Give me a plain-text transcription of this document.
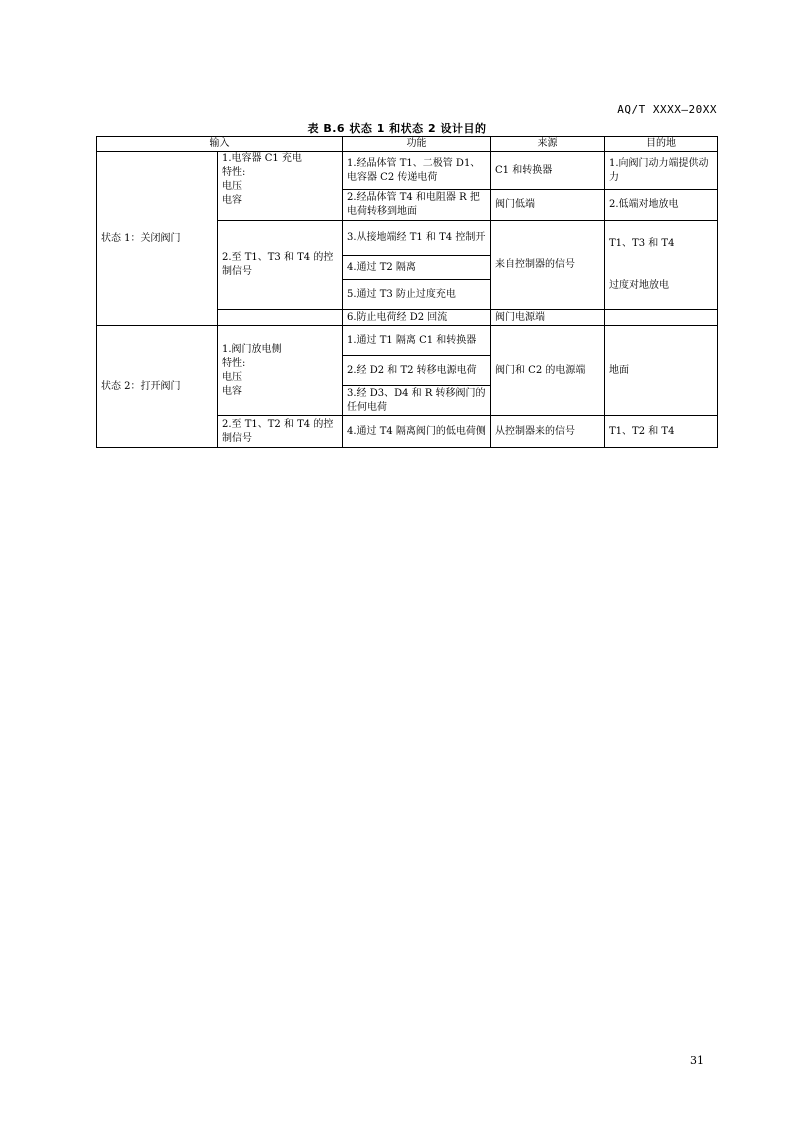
AQ/T XXXX—20XX
表 B.6 状态 1 和状态 2 设计目的
输入		功能	来源	目的地
状态 1：关闭阀门	1.电容器 C1 充电
特性:
电压
电容	1.经晶体管 T1、二极管 D1、电容器 C2 传递电荷	C1 和转换器	1.向阀门动力端提供动力
		2.经晶体管 T4 和电阻器 R 把电荷转移到地面	阀门低端	2.低端对地放电
	2.至 T1、T3 和 T4 的控制信号	3.从接地端经 T1 和 T4 控制开	来自控制器的信号	T1、T3 和 T4

过度对地放电
		4.通过 T2 隔离		
		5.通过 T3 防止过度充电		
		6.防止电荷经 D2 回流	阀门电源端	
状态 2：打开阀门	1.阀门放电侧
特性:
电压
电容	1.通过 T1 隔离 C1 和转换器	阀门和 C2 的电源端	地面
		2.经 D2 和 T2 转移电源电荷		
		3.经 D3、D4 和 R 转移阀门的任何电荷		
	2.至 T1、T2 和 T4 的控制信号	4.通过 T4 隔离阀门的低电荷侧	从控制器来的信号	T1、T2 和 T4
31
